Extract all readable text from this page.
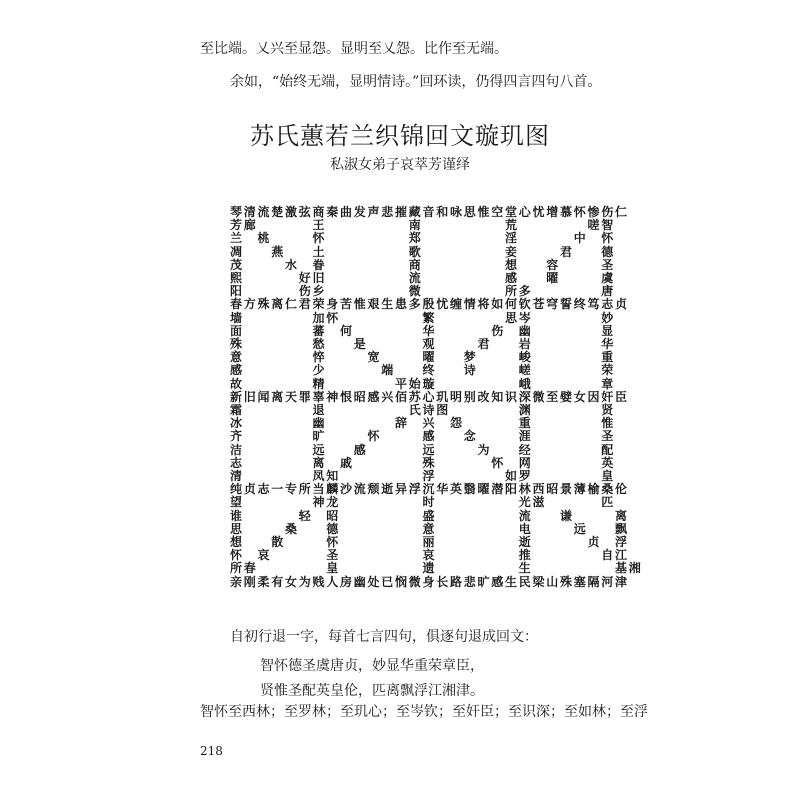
至比端。乂兴至显怨。显明至乂怨。比作至无端。
余如，“始终无端，显明情诗。”回环读，仍得四言四句八首。
苏氏蕙若兰织锦回文璇玑图
私淑女弟子哀萃芳谨绎
琴 清 流 楚 激 弦 商 秦 曲 发 声 悲 摧 藏 音 和 咏 思 惟 空 堂 心 忧 增 慕 怀 惨 伤 仁
芳 廊	王	南	荒	嗟 智
兰 桃	怀	郑	淫	中 怀
凋 燕 土	歌	妾	君 德
茂	水 眷	商	想 容	圣
熙	好 旧	流	感 曜	虞
阳	伤 乡	微	所 多	唐
春 方 殊 离 仁 君 荣 身 苦 惟 艰 生 患 多 殷 忧 缠 情 将 如 何 钦 苍 穹 誓 终 笃 志 贞
墙	加 怀	繁	思 岑	妙
面	蕃 何	华	伤 幽	显
殊	愁 是	观	君 岩	华
意	悴	宽	曜 梦	峻	重
感	少	端 终 诗	嵯	荣
故	精	平 始 璇	峨	章
新 旧 闻 离 天 罪 辜 神 恨 昭 感 兴 佰 苏 心 玑 明 别 改 知 识 深 微 至 嬖 女 因 奸 臣
霜	退	氏 诗 图	渊	贤
冰	幽	辞 兴 怨	重	惟
齐	旷	怀	感 念	涯	圣
洁	远 感	远	为 经	配
志	离 戚	殊	怀 网	英
清	凤 知	浮	如 罗	皇
纯 贞 志 一 专 所 当 麟 沙 流 颓 逝 异 浮 沉 华 英 翳 曜 潜 阳 林 西 昭 景 薄 榆 桑 伦
望	神 龙	时	光 滋	匹
谁	轻 昭	盛	流 谦	离
思	桑 德	意	电	远 飘
想 散	怀	丽	逝	贞 浮
怀 哀	圣	哀	推	自 江
所 春	皇	遗	生	基 湘
亲 刚 柔 有 女 为 贱 人 房 幽 处 已 悯 微 身 长 路 悲 旷 感 生 民 梁 山 殊 塞 隔 河 津
自初行退一字，每首七言四句，俱逐句退成回文：
智怀德圣虞唐贞，妙显华重荣章臣，
贤惟圣配英皇伦，匹离飘浮江湘津。
智怀至西林；至罗林；至玑心；至岑钦；至奸臣；至识深；至如林；至浮
218
